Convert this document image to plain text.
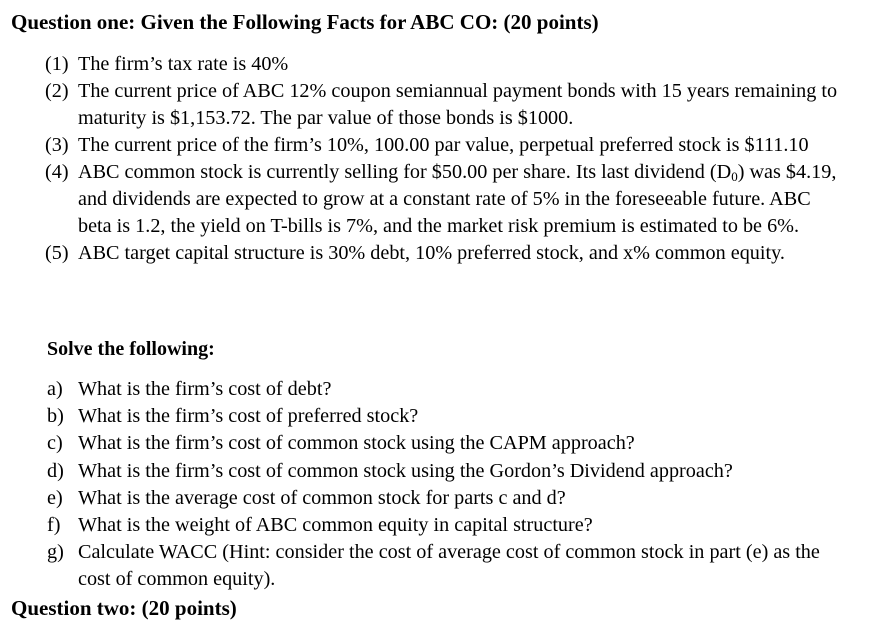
Question one: Given the Following Facts for ABC CO: (20 points)
(1) The firm’s tax rate is 40%
(2) The current price of ABC 12% coupon semiannual payment bonds with 15 years remaining to maturity is $1,153.72. The par value of those bonds is $1000.
(3) The current price of the firm’s 10%, 100.00 par value, perpetual preferred stock is $111.10
(4) ABC common stock is currently selling for $50.00 per share. Its last dividend $(D_0)$ was $4.19, and dividends are expected to grow at a constant rate of 5% in the foreseeable future. ABC beta is 1.2, the yield on T-bills is 7%, and the market risk premium is estimated to be 6%.
(5) ABC target capital structure is 30% debt, 10% preferred stock, and x% common equity.
Solve the following:
a) What is the firm’s cost of debt?
b) What is the firm’s cost of preferred stock?
c) What is the firm’s cost of common stock using the CAPM approach?
d) What is the firm’s cost of common stock using the Gordon’s Dividend approach?
e) What is the average cost of common stock for parts c and d?
f) What is the weight of ABC common equity in capital structure?
g) Calculate WACC (Hint: consider the cost of average cost of common stock in part (e) as the cost of common equity).
Question two: (20 points)
